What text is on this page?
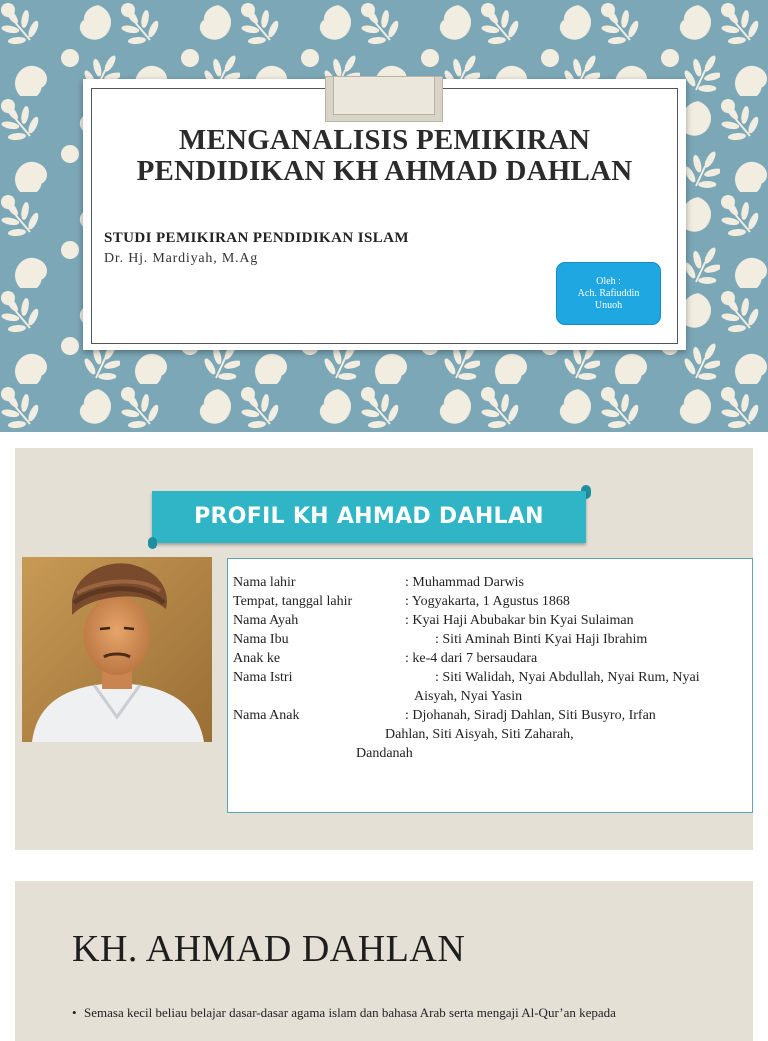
MENGANALISIS PEMIKIRAN
PENDIDIKAN KH AHMAD DAHLAN
STUDI PEMIKIRAN PENDIDIKAN ISLAM
Dr. Hj. Mardiyah, M.Ag
Oleh :
Ach. Rafiuddin
Unuoh
PROFIL KH AHMAD DAHLAN
Nama lahir	: Muhammad Darwis
Tempat, tanggal lahir	: Yogyakarta, 1 Agustus 1868
Nama Ayah	: Kyai Haji Abubakar bin Kyai Sulaiman
Nama Ibu	: Siti Aminah Binti Kyai Haji Ibrahim
Anak ke	: ke-4 dari 7 bersaudara
Nama Istri	: Siti Walidah, Nyai Abdullah, Nyai Rum, Nyai
Aisyah, Nyai Yasin
Nama Anak	: Djohanah, Siradj Dahlan, Siti Busyro, Irfan
Dahlan, Siti Aisyah, Siti Zaharah,
Dandanah
KH. AHMAD DAHLAN
• Semasa kecil beliau belajar dasar-dasar agama islam dan bahasa Arab serta mengaji Al-Qur’an kepada
